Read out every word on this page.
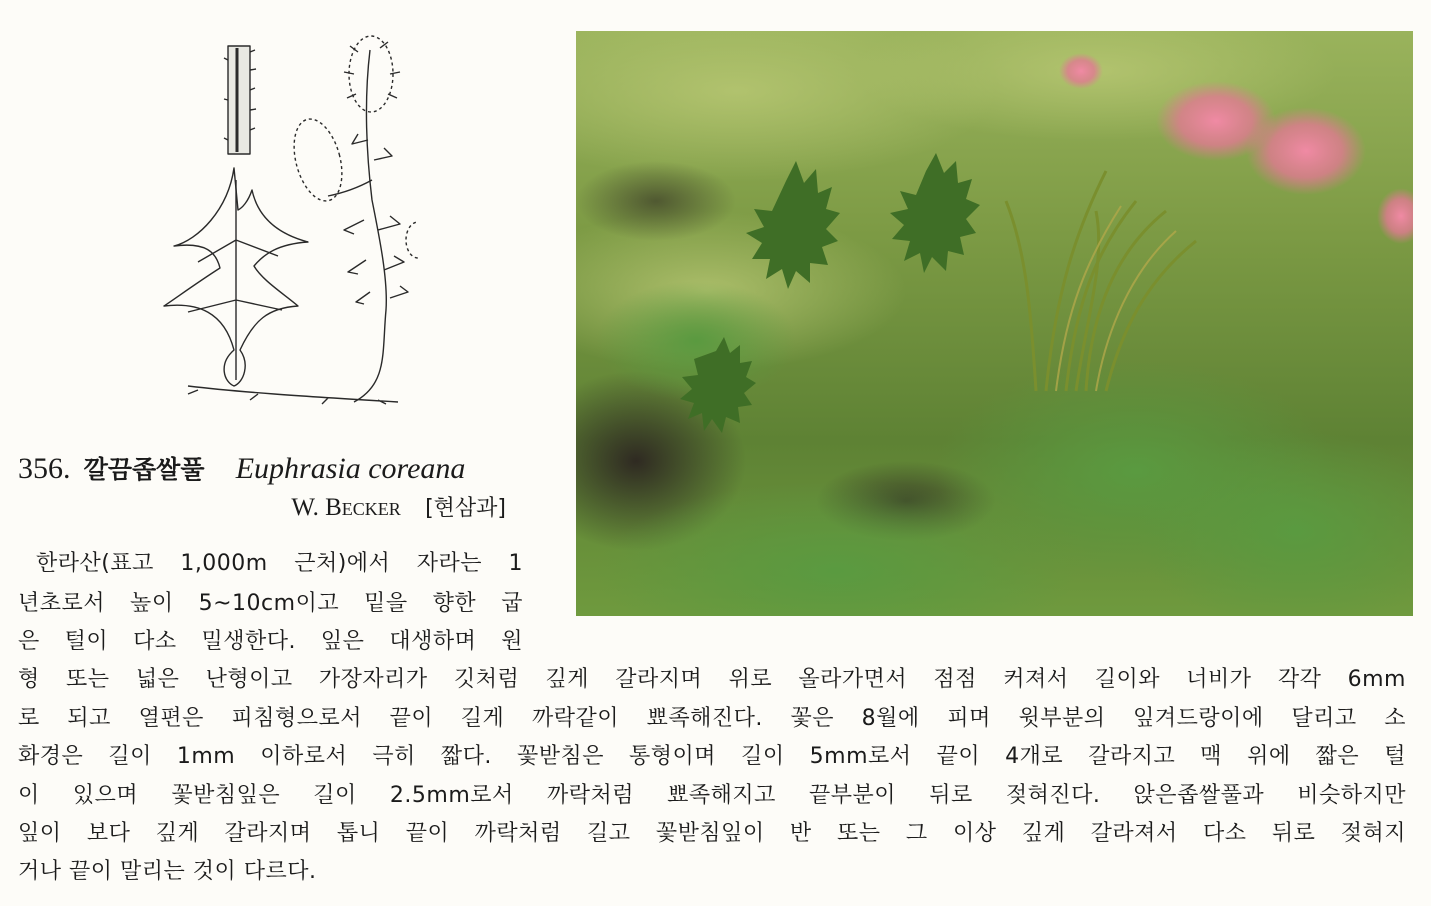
356. 깔끔좁쌀풀 Euphrasia coreana
W. Becker [현삼과]
한라산(표고 1,000m 근처)에서 자라는 1
년초로서 높이 5~10cm이고 밑을 향한 굽
은 털이 다소 밀생한다. 잎은 대생하며 원
형 또는 넓은 난형이고 가장자리가 깃처럼 깊게 갈라지며 위로 올라가면서 점점 커져서 길이와 너비가 각각 6mm
로 되고 열편은 피침형으로서 끝이 길게 까락같이 뾰족해진다. 꽃은 8월에 피며 윗부분의 잎겨드랑이에 달리고 소
화경은 길이 1mm 이하로서 극히 짧다. 꽃받침은 통형이며 길이 5mm로서 끝이 4개로 갈라지고 맥 위에 짧은 털
이 있으며 꽃받침잎은 길이 2.5mm로서 까락처럼 뾰족해지고 끝부분이 뒤로 젖혀진다. 앉은좁쌀풀과 비슷하지만
잎이 보다 깊게 갈라지며 톱니 끝이 까락처럼 길고 꽃받침잎이 반 또는 그 이상 깊게 갈라져서 다소 뒤로 젖혀지
거나 끝이 말리는 것이 다르다.
